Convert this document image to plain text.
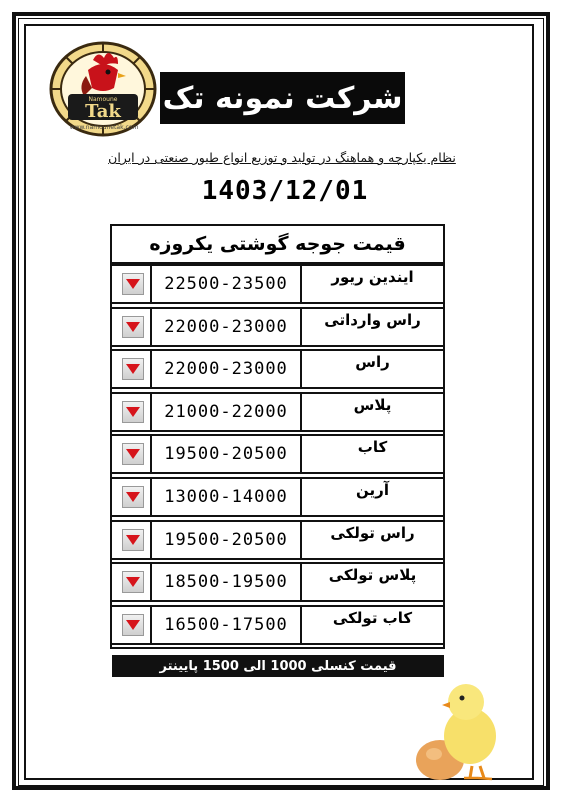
Namoune
Tak
www.namounetak.com
شرکت نمونه تک
نظام یکپارچه و هماهنگ در تولید و توزیع انواع طیور صنعتی در ایران
1403/12/01
قیمت جوجه گوشتی یکروزه
22500-23500	ایندین ریور
22000-23000	راس وارداتی
22000-23000	راس
21000-22000	پلاس
19500-20500	کاب
13000-14000	آرین
19500-20500	راس تولکی
18500-19500	پلاس تولکی
16500-17500	کاب تولکی
قیمت کنسلی 1000 الی 1500 پایینتر
